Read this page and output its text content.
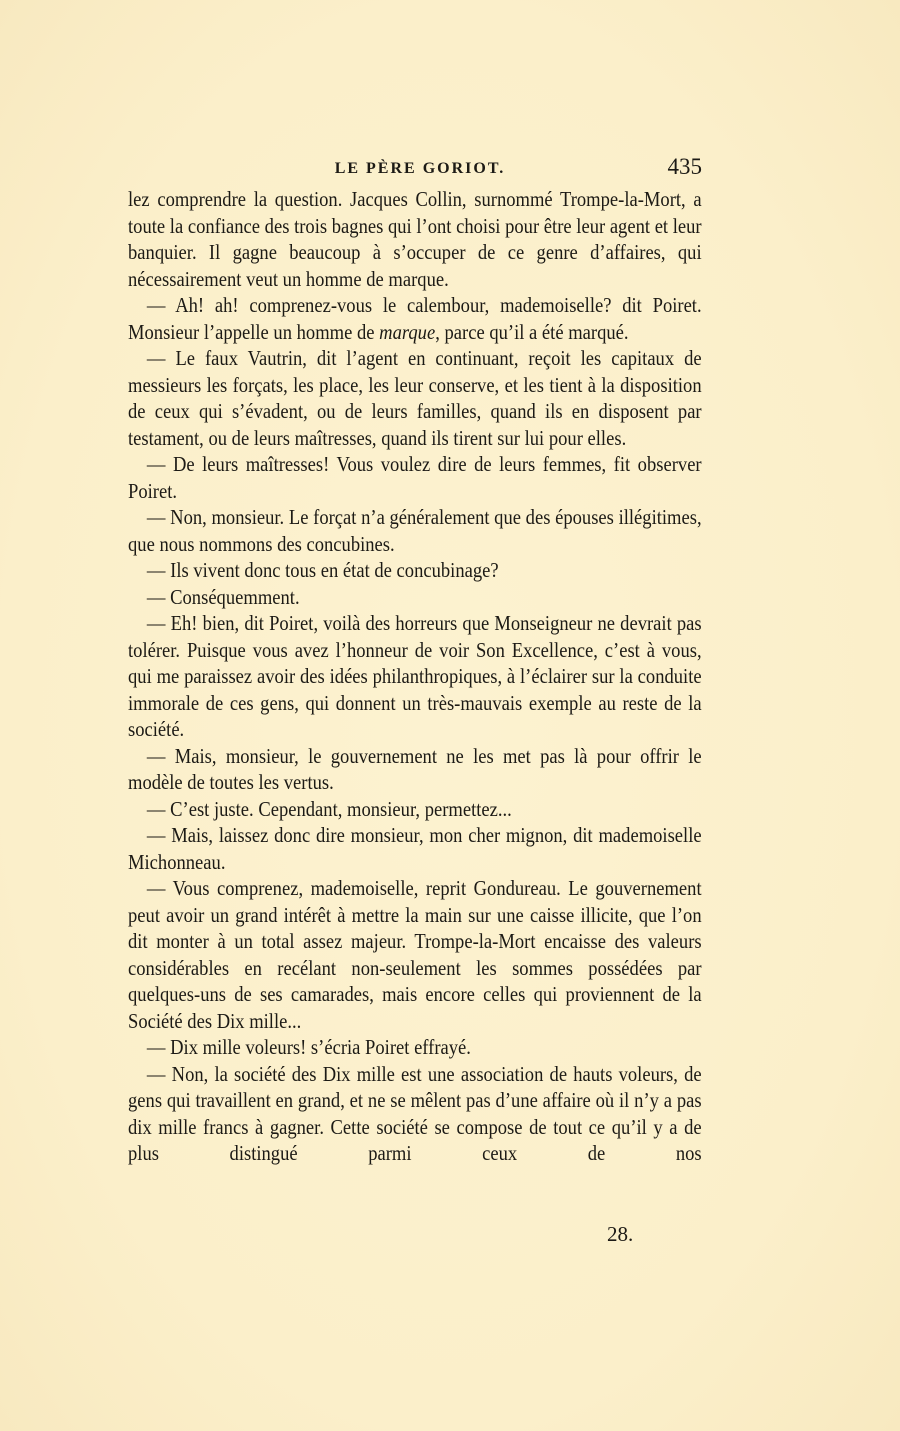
LE PÈRE GORIOT.	435

lez comprendre la question. Jacques Collin, surnommé Trompe-la-Mort, a toute la confiance des trois bagnes qui l’ont choisi pour être leur agent et leur banquier. Il gagne beaucoup à s’occuper de ce genre d’affaires, qui nécessairement veut un homme de marque.

— Ah! ah! comprenez-vous le calembour, mademoiselle? dit Poiret. Monsieur l’appelle un homme de marque, parce qu’il a été marqué.

— Le faux Vautrin, dit l’agent en continuant, reçoit les capitaux de messieurs les forçats, les place, les leur conserve, et les tient à la disposition de ceux qui s’évadent, ou de leurs familles, quand ils en disposent par testament, ou de leurs maîtresses, quand ils tirent sur lui pour elles.

— De leurs maîtresses! Vous voulez dire de leurs femmes, fit observer Poiret.

— Non, monsieur. Le forçat n’a généralement que des épouses illégitimes, que nous nommons des concubines.

— Ils vivent donc tous en état de concubinage?

— Conséquemment.

— Eh! bien, dit Poiret, voilà des horreurs que Monseigneur ne devrait pas tolérer. Puisque vous avez l’honneur de voir Son Excellence, c’est à vous, qui me paraissez avoir des idées philanthropiques, à l’éclairer sur la conduite immorale de ces gens, qui donnent un très-mauvais exemple au reste de la société.

— Mais, monsieur, le gouvernement ne les met pas là pour offrir le modèle de toutes les vertus.

— C’est juste. Cependant, monsieur, permettez...

— Mais, laissez donc dire monsieur, mon cher mignon, dit mademoiselle Michonneau.

— Vous comprenez, mademoiselle, reprit Gondureau. Le gouvernement peut avoir un grand intérêt à mettre la main sur une caisse illicite, que l’on dit monter à un total assez majeur. Trompe-la-Mort encaisse des valeurs considérables en recélant non-seulement les sommes possédées par quelques-uns de ses camarades, mais encore celles qui proviennent de la Société des Dix mille...

— Dix mille voleurs! s’écria Poiret effrayé.

— Non, la société des Dix mille est une association de hauts voleurs, de gens qui travaillent en grand, et ne se mêlent pas d’une affaire où il n’y a pas dix mille francs à gagner. Cette société se compose de tout ce qu’il y a de plus distingué parmi ceux de nos

28.
